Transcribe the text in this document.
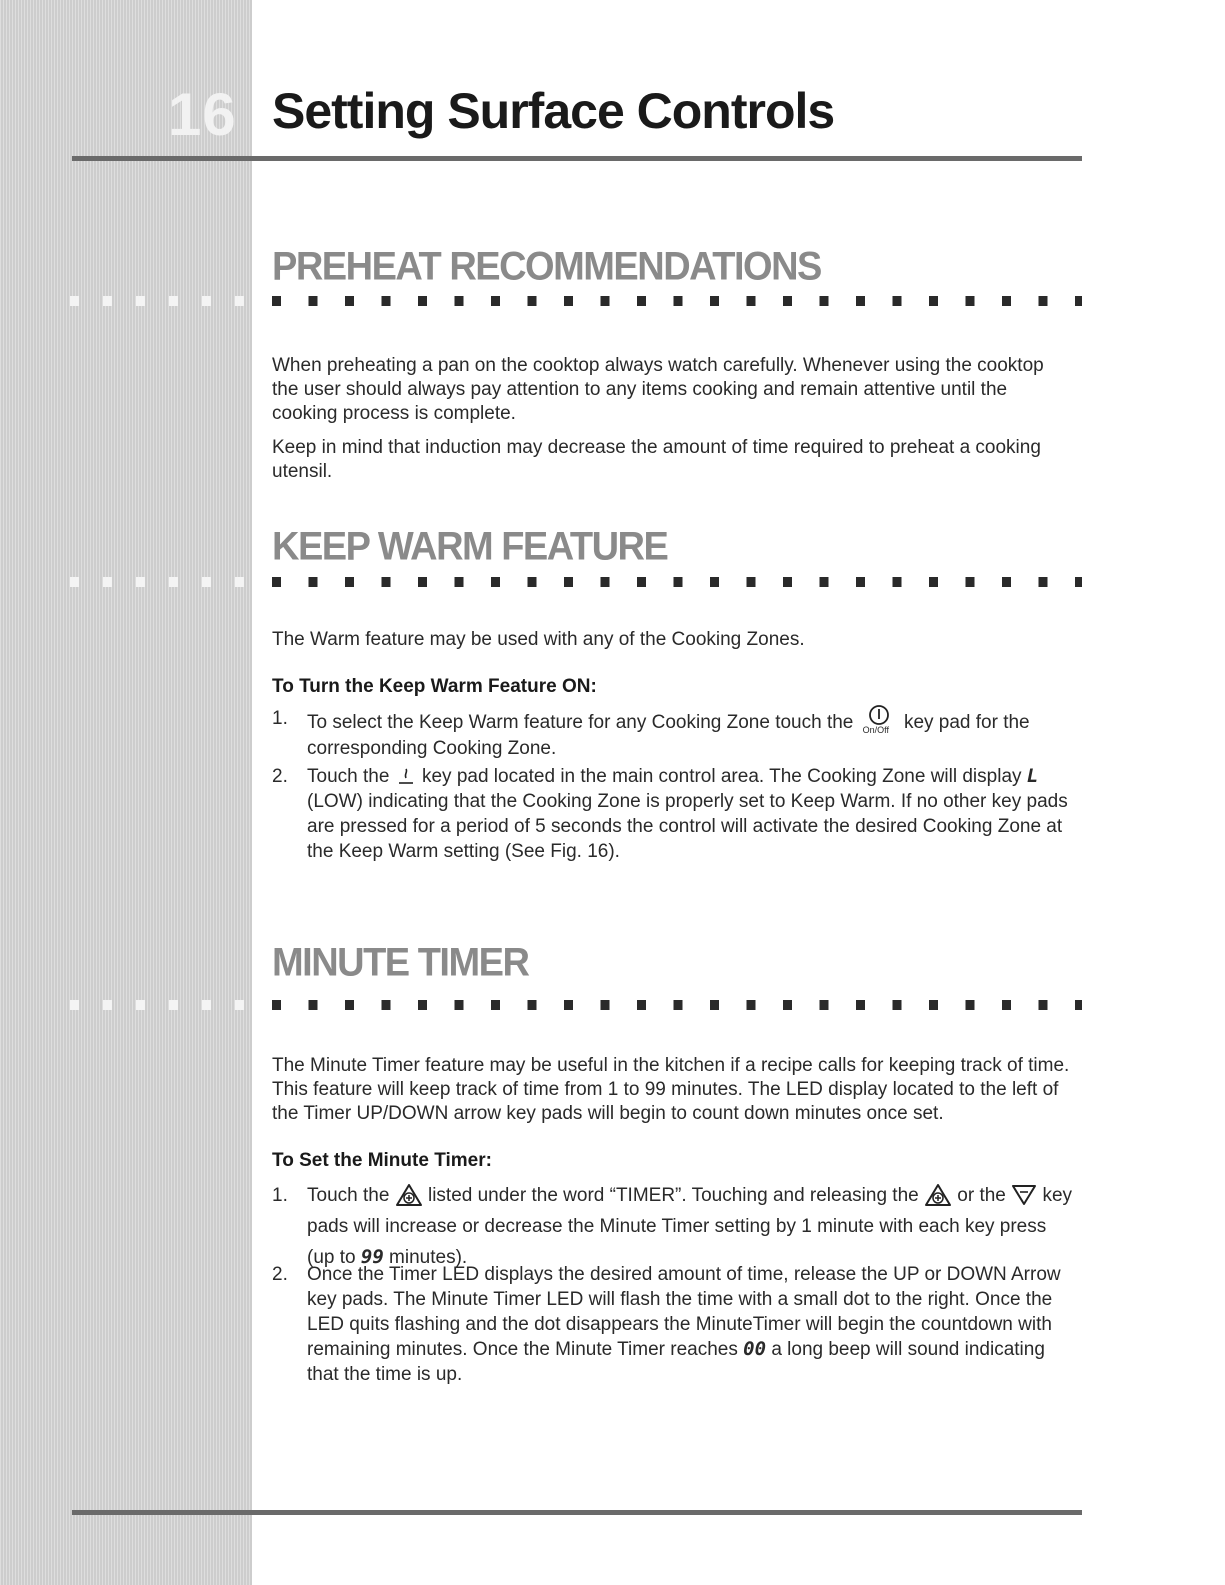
16 Setting Surface Controls
PREHEAT RECOMMENDATIONS

When preheating a pan on the cooktop always watch carefully. Whenever using the cooktop the user should always pay attention to any items cooking and remain attentive until the cooking process is complete.

Keep in mind that induction may decrease the amount of time required to preheat a cooking utensil.

KEEP WARM FEATURE

The Warm feature may be used with any of the Cooking Zones.

To Turn the Keep Warm Feature ON:
1. To select the Keep Warm feature for any Cooking Zone touch the On/Off key pad for the
corresponding Cooking Zone.
2. Touch the key pad located in the main control area. The Cooking Zone will display L (LOW) indicating that the Cooking Zone is properly set to Keep Warm. If no other key pads are pressed for a period of 5 seconds the control will activate the desired Cooking Zone at the Keep Warm setting (See Fig. 16).
MINUTE TIMER

The Minute Timer feature may be useful in the kitchen if a recipe calls for keeping track of time. This feature will keep track of time from 1 to 99 minutes. The LED display located to the left of the Timer UP/DOWN arrow key pads will begin to count down minutes once set.

To Set the Minute Timer:
1. Touch the listed under the word “TIMER”. Touching and releasing the or the key pads will increase or decrease the Minute Timer setting by 1 minute with each key press (up to 99 minutes).
2. Once the Timer LED displays the desired amount of time, release the UP or DOWN Arrow key pads. The Minute Timer LED will flash the time with a small dot to the right. Once the LED quits flashing and the dot disappears the MinuteTimer will begin the countdown with remaining minutes. Once the Minute Timer reaches 00 a long beep will sound indicating that the time is up.
